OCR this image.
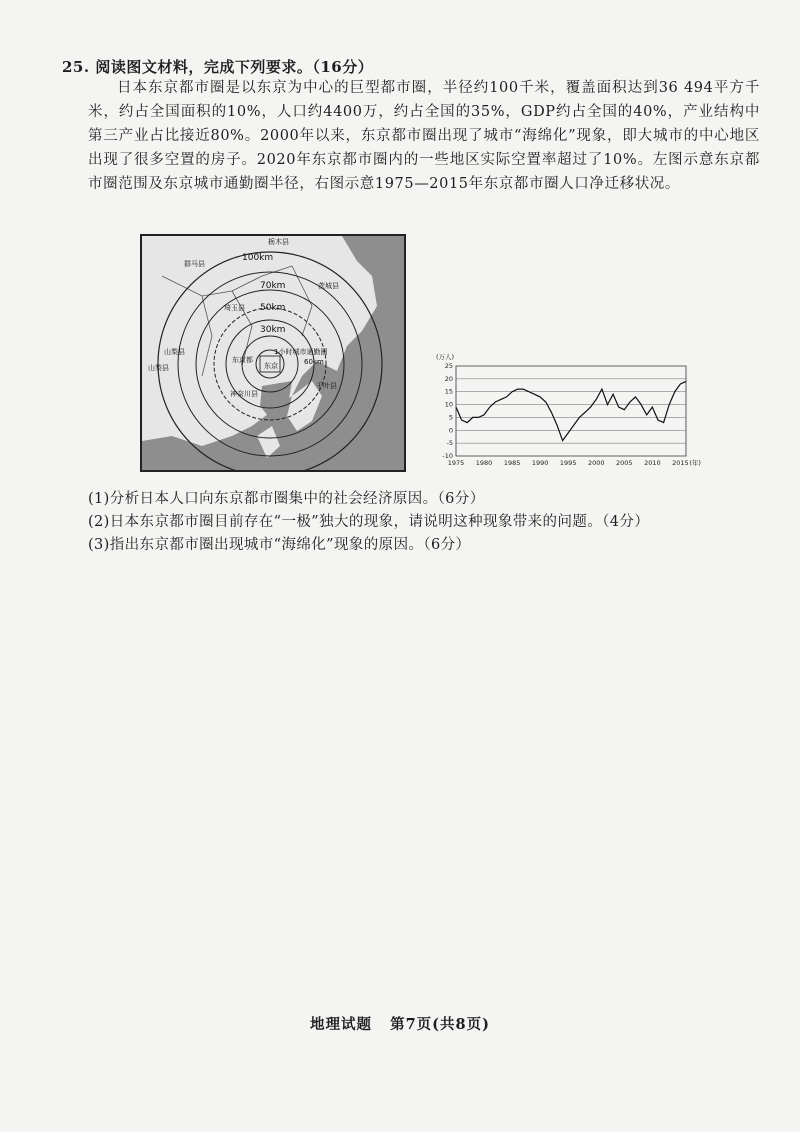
25. 阅读图文材料，完成下列要求。（16分）
日本东京都市圈是以东京为中心的巨型都市圈，半径约100千米，覆盖面积达到36 494平方千米，约占全国面积的10%，人口约4400万，约占全国的35%，GDP约占全国的40%，产业结构中第三产业占比接近80%。2000年以来，东京都市圈出现了城市“海绵化”现象，即大城市的中心地区出现了很多空置的房子。2020年东京都市圈内的一些地区实际空置率超过了10%。左图示意东京都市圈范围及东京城市通勤圈半径，右图示意1975—2015年东京都市圈人口净迁移状况。
100km
70km
50km
30km
栃木县
群马县
茨城县
埼玉县
东京都
千叶县
神奈川县
山梨县
山梨县
1小时城市通勤圈
60km
东京
-10
-5
0
5
10
15
20
25
1975 1980 1985 1990 1995 2000 2005 2010 2015
(万人)
(年)
(1)分析日本人口向东京都市圈集中的社会经济原因。（6分）
(2)日本东京都市圈目前存在“一极”独大的现象，请说明这种现象带来的问题。（4分）
(3)指出东京都市圈出现城市“海绵化”现象的原因。（6分）
地理试题 第7页(共8页)
